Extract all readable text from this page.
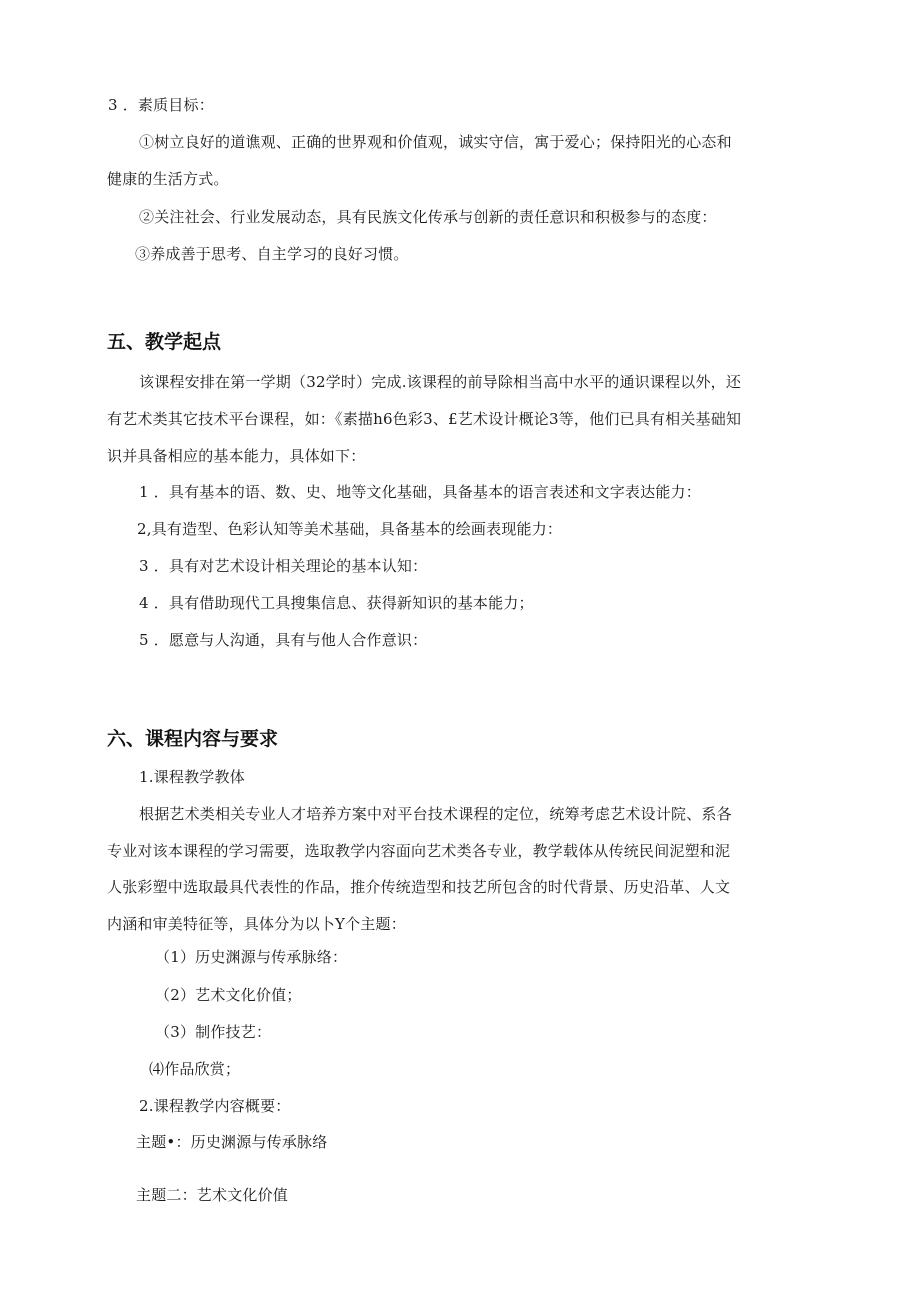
3 ．素质目标：
①树立良好的道谯观、正确的世界观和价值观，诚实守信，寓于爱心；保持阳光的心态和
健康的生活方式。
②关注社会、行业发展动态，具有民族文化传承与创新的责任意识和积极参与的态度：
③养成善于思考、自主学习的良好习惯。
五、教学起点
该课程安排在第一学期（32学时）完成.该课程的前导除相当高中水平的通识课程以外，还
有艺术类其它技术平台课程，如：《素描h6色彩3、£艺术设计概论3等，他们已具有相关基础知
识并具备相应的基本能力，具体如下：
1 ．具有基本的语、数、史、地等文化基础，具备基本的语言表述和文字表达能力：
2,具有造型、色彩认知等美术基础，具备基本的绘画表现能力：
3 ．具有对艺术设计相关理论的基本认知：
4 ．具有借助现代工具搜集信息、获得新知识的基本能力；
5 ．愿意与人沟通，具有与他人合作意识：
六、课程内容与要求
1.课程教学教体
根据艺术类相关专业人才培养方案中对平台技术课程的定位，统筹考虑艺术设计院、系各
专业对该本课程的学习需要，选取教学内容面向艺术类各专业，教学载体从传统民间泥塑和泥
人张彩塑中选取最具代表性的作品，推介传统造型和技艺所包含的时代背景、历史沿革、人文
内涵和审美特征等，具体分为以卜Y个主题：
（1）历史渊源与传承脉络：
（2）艺术文化价值；
（3）制作技艺：
⑷作品欣赏；
2.课程教学内容概要：
主题•：历史渊源与传承脉络
主题二：艺术文化价值
